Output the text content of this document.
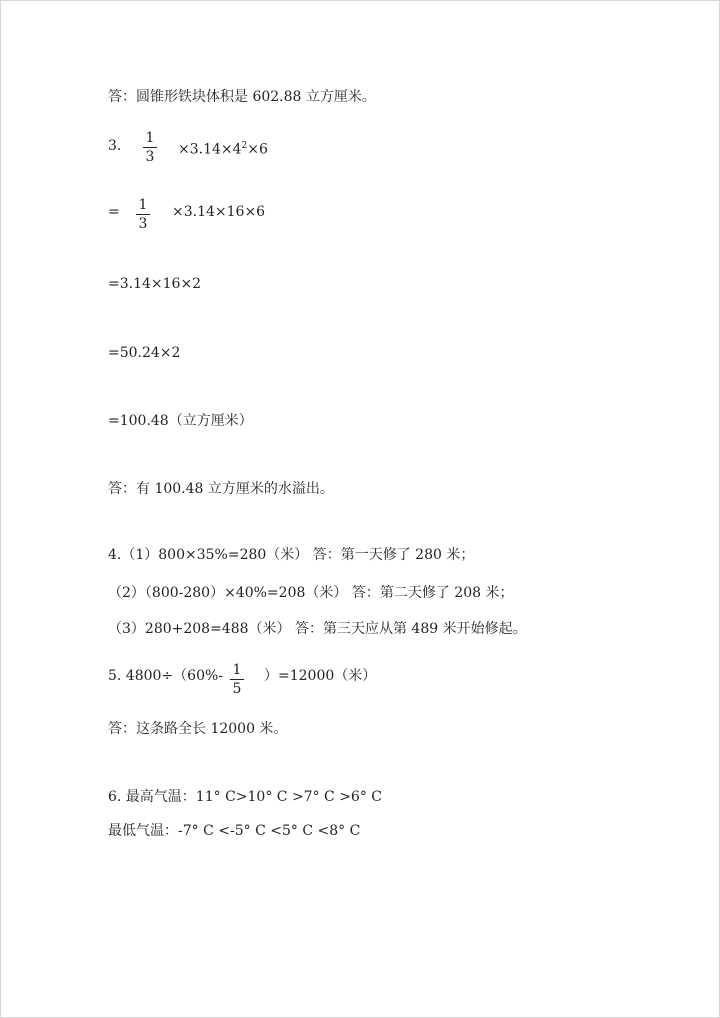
答：圆锥形铁块体积是 602.88 立方厘米。
3. 1
$3 \times 3.14\times 4^2\times 6$
= 1
3
×3.14×16×6
=3.14×16×2
=50.24×2
=100.48（立方厘米）
答：有 100.48 立方厘米的水溢出。
4.（1）800×35%=280（米） 答：第一天修了 280 米；
（2）（800-280）×40%=208（米） 答：第二天修了 208 米；
（3）280+208=488（米） 答：第三天应从第 489 米开始修起。
5. 4800÷（60%- 1
5
）=12000（米）
答：这条路全长 12000 米。
6. 最高气温：11° C>10° C >7° C >6° C
最低气温：-7° C <-5° C <5° C <8° C
